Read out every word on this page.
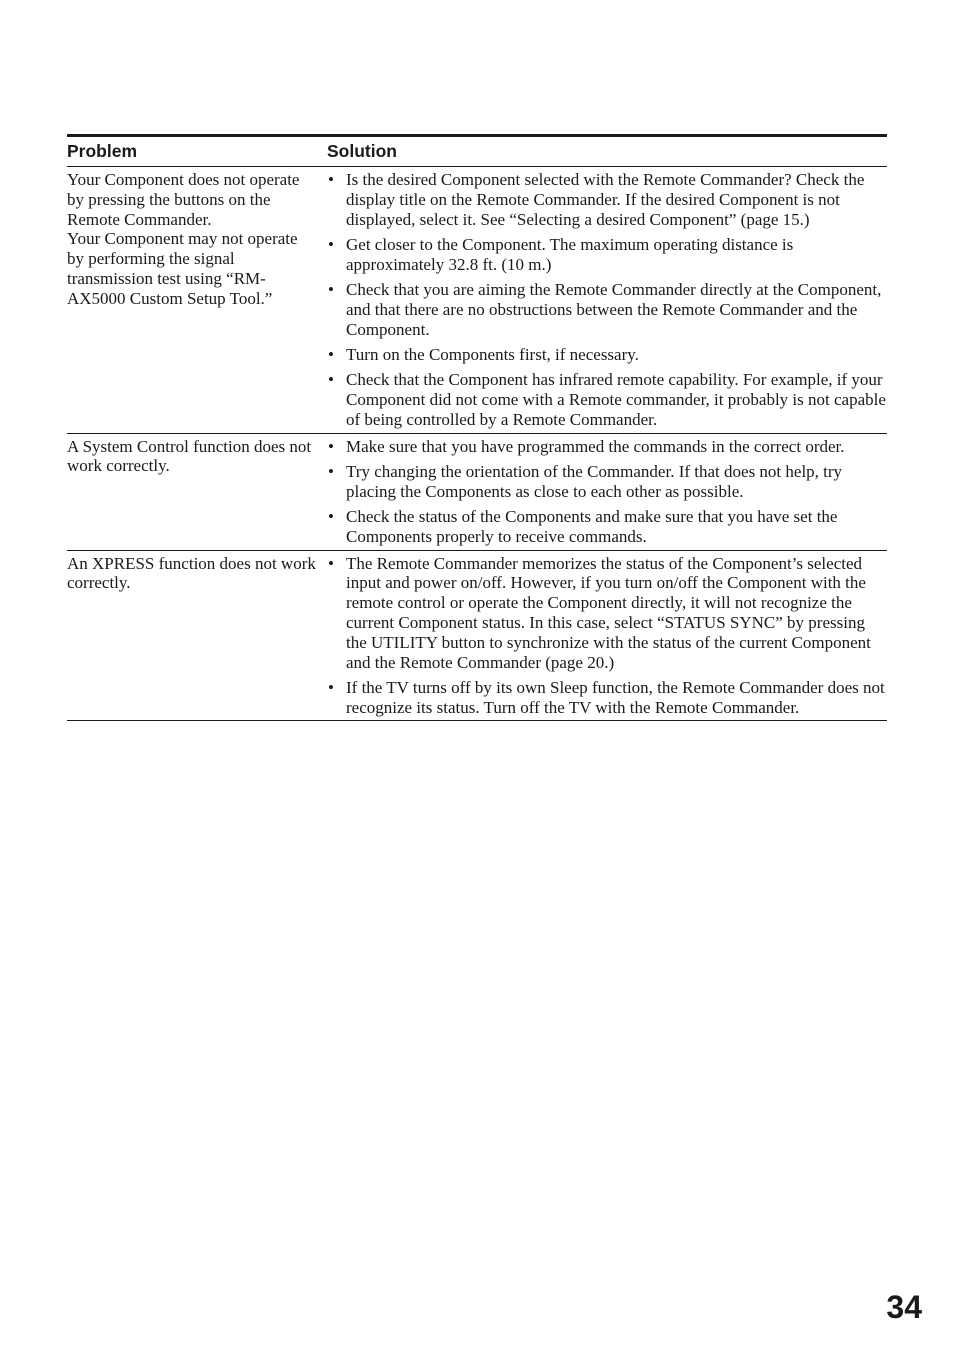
Problem	Solution

Your Component does not operate by pressing the buttons on the Remote Commander.

Your Component may not operate by performing the signal transmission test using “RM-AX5000 Custom Setup Tool.”

• Is the desired Component selected with the Remote Commander? Check the display title on the Remote Commander. If the desired Component is not displayed, select it. See “Selecting a desired Component” (page 15.)
• Get closer to the Component. The maximum operating distance is approximately 32.8 ft. (10 m.)
• Check that you are aiming the Remote Commander directly at the Component, and that there are no obstructions between the Remote Commander and the Component.
• Turn on the Components first, if necessary.
• Check that the Component has infrared remote capability. For example, if your Component did not come with a Remote commander, it probably is not capable of being controlled by a Remote Commander.

A System Control function does not work correctly.

• Make sure that you have programmed the commands in the correct order.
• Try changing the orientation of the Commander. If that does not help, try placing the Components as close to each other as possible.
• Check the status of the Components and make sure that you have set the Components properly to receive commands.

An XPRESS function does not work correctly.

• The Remote Commander memorizes the status of the Component’s selected input and power on/off. However, if you turn on/off the Component with the remote control or operate the Component directly, it will not recognize the current Component status. In this case, select “STATUS SYNC” by pressing the UTILITY button to synchronize with the status of the current Component and the Remote Commander (page 20.)
• If the TV turns off by its own Sleep function, the Remote Commander does not recognize its status. Turn off the TV with the Remote Commander.
34
